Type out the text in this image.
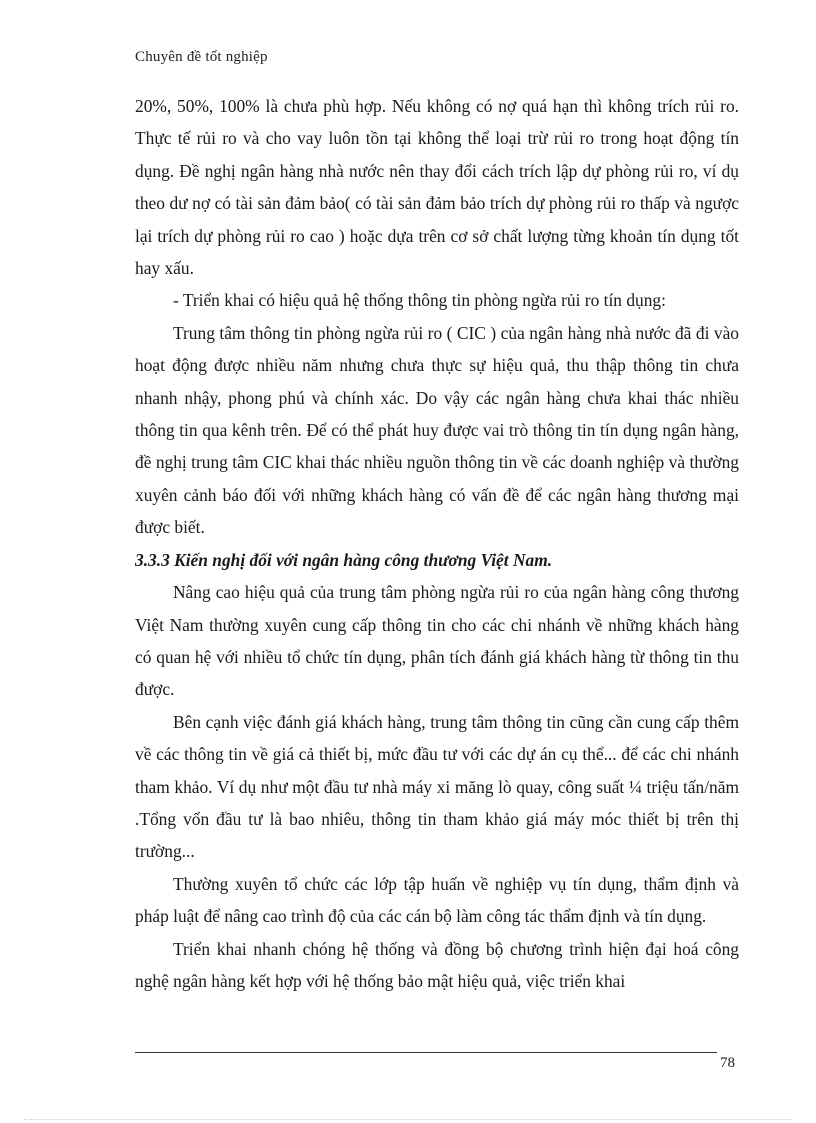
Chuyên đề tốt nghiệp

20%, 50%, 100% là chưa phù hợp. Nếu không có nợ quá hạn thì không trích rủi ro. Thực tế rủi ro và cho vay luôn tồn tại không thể loại trừ rủi ro trong hoạt động tín dụng. Đề nghị ngân hàng nhà nước nên thay đổi cách trích lập dự phòng rủi ro, ví dụ theo dư nợ có tài sản đảm bảo( có tài sản đảm bảo trích dự phòng rủi ro thấp và ngược lại trích dự phòng rủi ro cao ) hoặc dựa trên cơ sở chất lượng từng khoản tín dụng tốt hay xấu.

- Triển khai có hiệu quả hệ thống thông tin phòng ngừa rủi ro tín dụng:

Trung tâm thông tin phòng ngừa rủi ro ( CIC ) của ngân hàng nhà nước đã đi vào hoạt động được nhiều năm nhưng chưa thực sự hiệu quả, thu thập thông tin chưa nhanh nhậy, phong phú và chính xác. Do vậy các ngân hàng chưa khai thác nhiều thông tin qua kênh trên. Để có thể phát huy được vai trò thông tin tín dụng ngân hàng, đề nghị trung tâm CIC khai thác nhiều nguồn thông tin về các doanh nghiệp và thường xuyên cảnh báo đối với những khách hàng có vấn đề để các ngân hàng thương mại được biết.

3.3.3 Kiến nghị đối với ngân hàng công thương Việt Nam.

Nâng cao hiệu quả của trung tâm phòng ngừa rủi ro của ngân hàng công thương Việt Nam thường xuyên cung cấp thông tin cho các chi nhánh về những khách hàng có quan hệ với nhiều tổ chức tín dụng, phân tích đánh giá khách hàng từ thông tin thu được.

Bên cạnh việc đánh giá khách hàng, trung tâm thông tin cũng cần cung cấp thêm về các thông tin về giá cả thiết bị, mức đầu tư với các dự án cụ thể... để các chi nhánh tham khảo. Ví dụ như một đầu tư nhà máy xi măng lò quay, công suất ¼ triệu tấn/năm .Tổng vốn đầu tư là bao nhiêu, thông tin tham khảo giá máy móc thiết bị trên thị trường...

Thường xuyên tổ chức các lớp tập huấn về nghiệp vụ tín dụng, thẩm định và pháp luật để nâng cao trình độ của các cán bộ làm công tác thẩm định và tín dụng.

Triển khai nhanh chóng hệ thống và đồng bộ chương trình hiện đại hoá công nghệ ngân hàng kết hợp với hệ thống bảo mật hiệu quả, việc triển khai

78
